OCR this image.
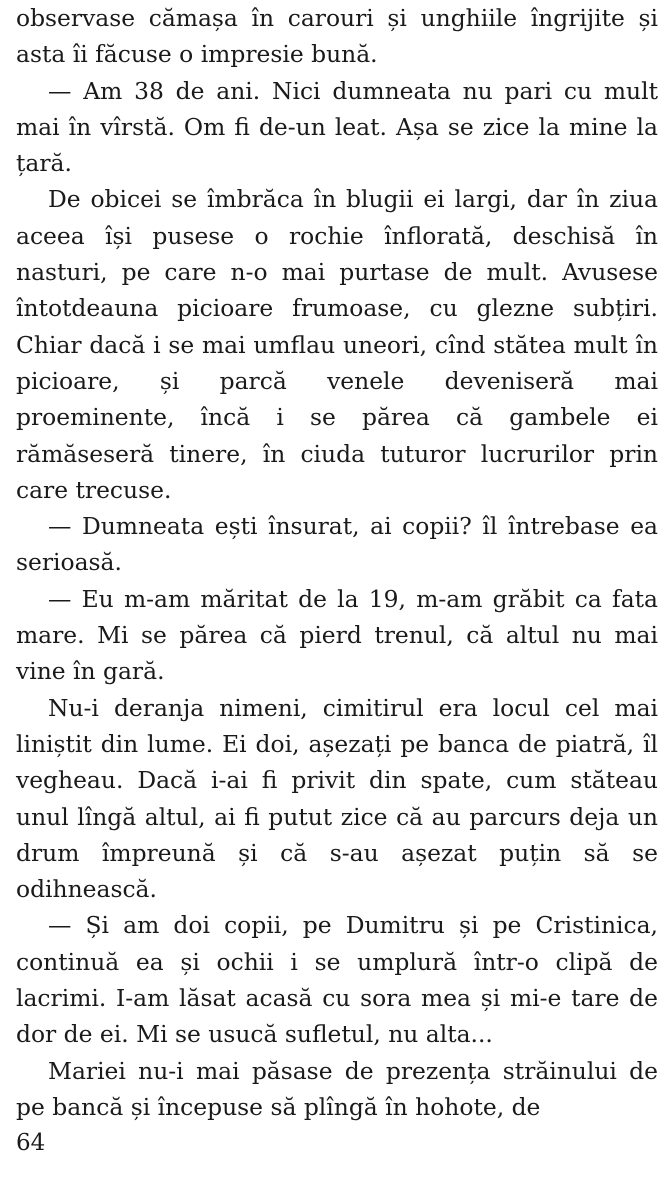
observase cămașa în carouri și unghiile îngrijite și asta îi făcuse o impresie bună.

— Am 38 de ani. Nici dumneata nu pari cu mult mai în vîrstă. Om fi de-un leat. Așa se zice la mine la țară.

De obicei se îmbrăca în blugii ei largi, dar în ziua aceea își pusese o rochie înflorată, deschisă în nasturi, pe care n-o mai purtase de mult. Avusese întotdeauna picioare frumoase, cu glezne subțiri. Chiar dacă i se mai umflau uneori, cînd stătea mult în picioare, și parcă venele deveniseră mai proeminente, încă i se părea că gambele ei rămăseseră tinere, în ciuda tuturor lucrurilor prin care trecuse.

— Dumneata ești însurat, ai copii? îl întrebase ea serioasă.

— Eu m-am măritat de la 19, m-am grăbit ca fata mare. Mi se părea că pierd trenul, că altul nu mai vine în gară.

Nu-i deranja nimeni, cimitirul era locul cel mai liniștit din lume. Ei doi, așezați pe banca de piatră, îl vegheau. Dacă i-ai fi privit din spate, cum stăteau unul lîngă altul, ai fi putut zice că au parcurs deja un drum împreună și că s-au așezat puțin să se odihnească.

— Și am doi copii, pe Dumitru și pe Cristinica, continuă ea și ochii i se umplură într-o clipă de lacrimi. I-am lăsat acasă cu sora mea și mi-e tare de dor de ei. Mi se usucă sufletul, nu alta...

Mariei nu-i mai păsase de prezența străinului de pe bancă și începuse să plîngă în hohote, de

64
